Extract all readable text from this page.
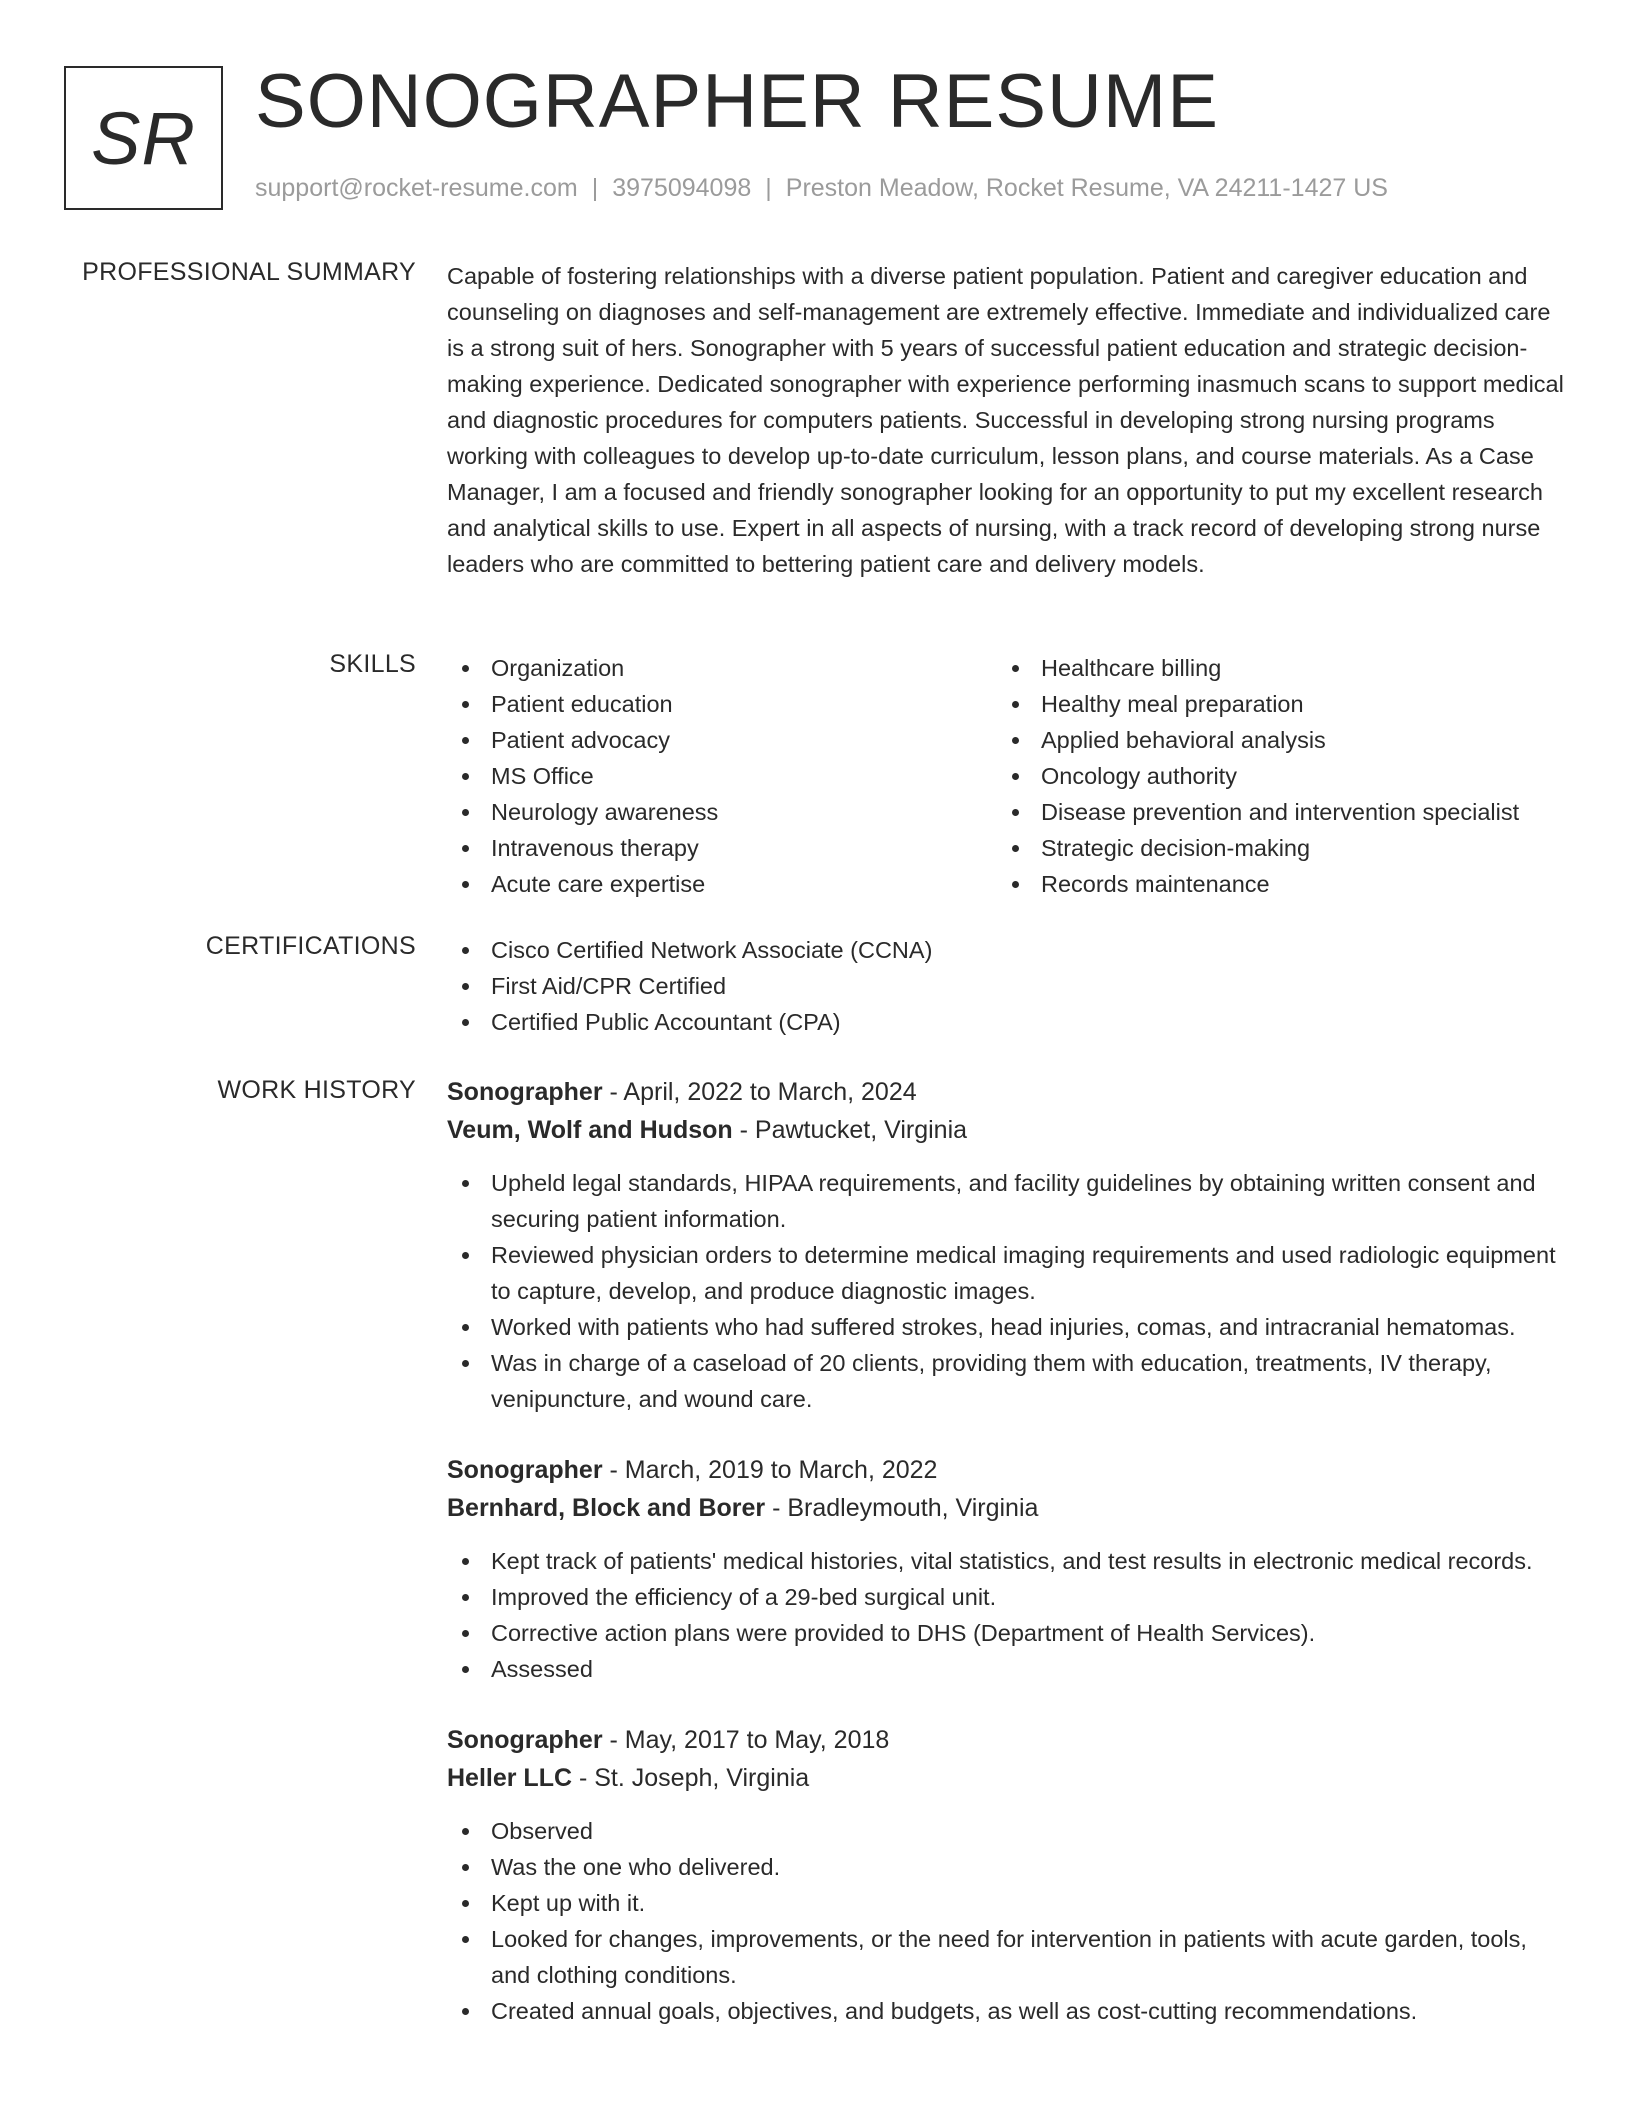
SR SONOGRAPHER RESUME
support@rocket-resume.com | 3975094098 | Preston Meadow, Rocket Resume, VA 24211-1427 US
PROFESSIONAL SUMMARY Capable of fostering relationships with a diverse patient population. Patient and caregiver education and counseling on diagnoses and self-management are extremely effective. Immediate and individualized care is a strong suit of hers. Sonographer with 5 years of successful patient education and strategic decision-making experience. Dedicated sonographer with experience performing inasmuch scans to support medical and diagnostic procedures for computers patients. Successful in developing strong nursing programs working with colleagues to develop up-to-date curriculum, lesson plans, and course materials. As a Case Manager, I am a focused and friendly sonographer looking for an opportunity to put my excellent research and analytical skills to use. Expert in all aspects of nursing, with a track record of developing strong nurse leaders who are committed to bettering patient care and delivery models.

SKILLS	Organization
Patient education
Patient advocacy
MS Office
Neurology awareness
Intravenous therapy
Acute care expertise
Healthcare billing
Healthy meal preparation
Applied behavioral analysis
Oncology authority
Disease prevention and intervention specialist
Strategic decision-making
Records maintenance
CERTIFICATIONS	Cisco Certified Network Associate (CCNA)
First Aid/CPR Certified
Certified Public Accountant (CPA)
WORK HISTORY Sonographer - April, 2022 to March, 2024
Veum, Wolf and Hudson - Pawtucket, Virginia
Upheld legal standards, HIPAA requirements, and facility guidelines by obtaining written consent and securing patient information.
Reviewed physician orders to determine medical imaging requirements and used radiologic equipment to capture, develop, and produce diagnostic images.
Worked with patients who had suffered strokes, head injuries, comas, and intracranial hematomas.
Was in charge of a caseload of 20 clients, providing them with education, treatments, IV therapy, venipuncture, and wound care.
Sonographer - March, 2019 to March, 2022
Bernhard, Block and Borer - Bradleymouth, Virginia
Kept track of patients' medical histories, vital statistics, and test results in electronic medical records.
Improved the efficiency of a 29-bed surgical unit.
Corrective action plans were provided to DHS (Department of Health Services).
Assessed
Sonographer - May, 2017 to May, 2018
Heller LLC - St. Joseph, Virginia
Observed
Was the one who delivered.
Kept up with it.
Looked for changes, improvements, or the need for intervention in patients with acute garden, tools, and clothing conditions.
Created annual goals, objectives, and budgets, as well as cost-cutting recommendations.
